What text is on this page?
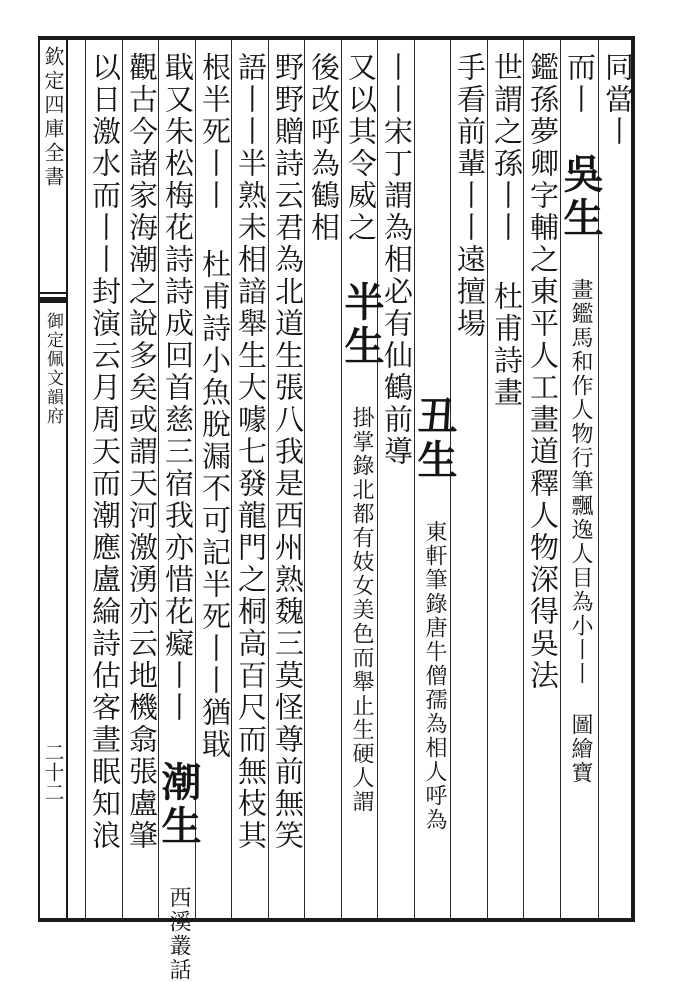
欽定四庫全書
御定佩文韻府
二十二
同當丨
而丨 吳生 畫鑑馬和作人物行筆飄逸人目為小丨丨 圖繪寶
鑑孫夢卿字輔之東平人工畫道釋人物深得吳法
世謂之孫丨丨 杜甫詩畫
手看前輩丨丨遠擅場
丑生 東軒筆錄唐牛僧孺為相人呼為
丨丨宋丁謂為相必有仙鶴前導
又以其令威之 半生 掛掌錄北都有妓女美色而舉止生硬人謂
後改呼為鶴相
野野贈詩云君為北道生張八我是西州熟魏三莫怪尊前無笑
語丨丨半熟未相諳舉生大噱七發龍門之桐高百尺而無枝其
根半死丨丨 杜甫詩小魚脫漏不可記半死丨丨猶戢
戢又朱松梅花詩詩成回首慈三宿我亦惜花癡丨丨 潮生 西溪叢話
觀古今諸家海潮之說多矣或謂天河激湧亦云地機翕張盧肇
以日激水而丨丨封演云月周天而潮應盧綸詩估客晝眠知浪
